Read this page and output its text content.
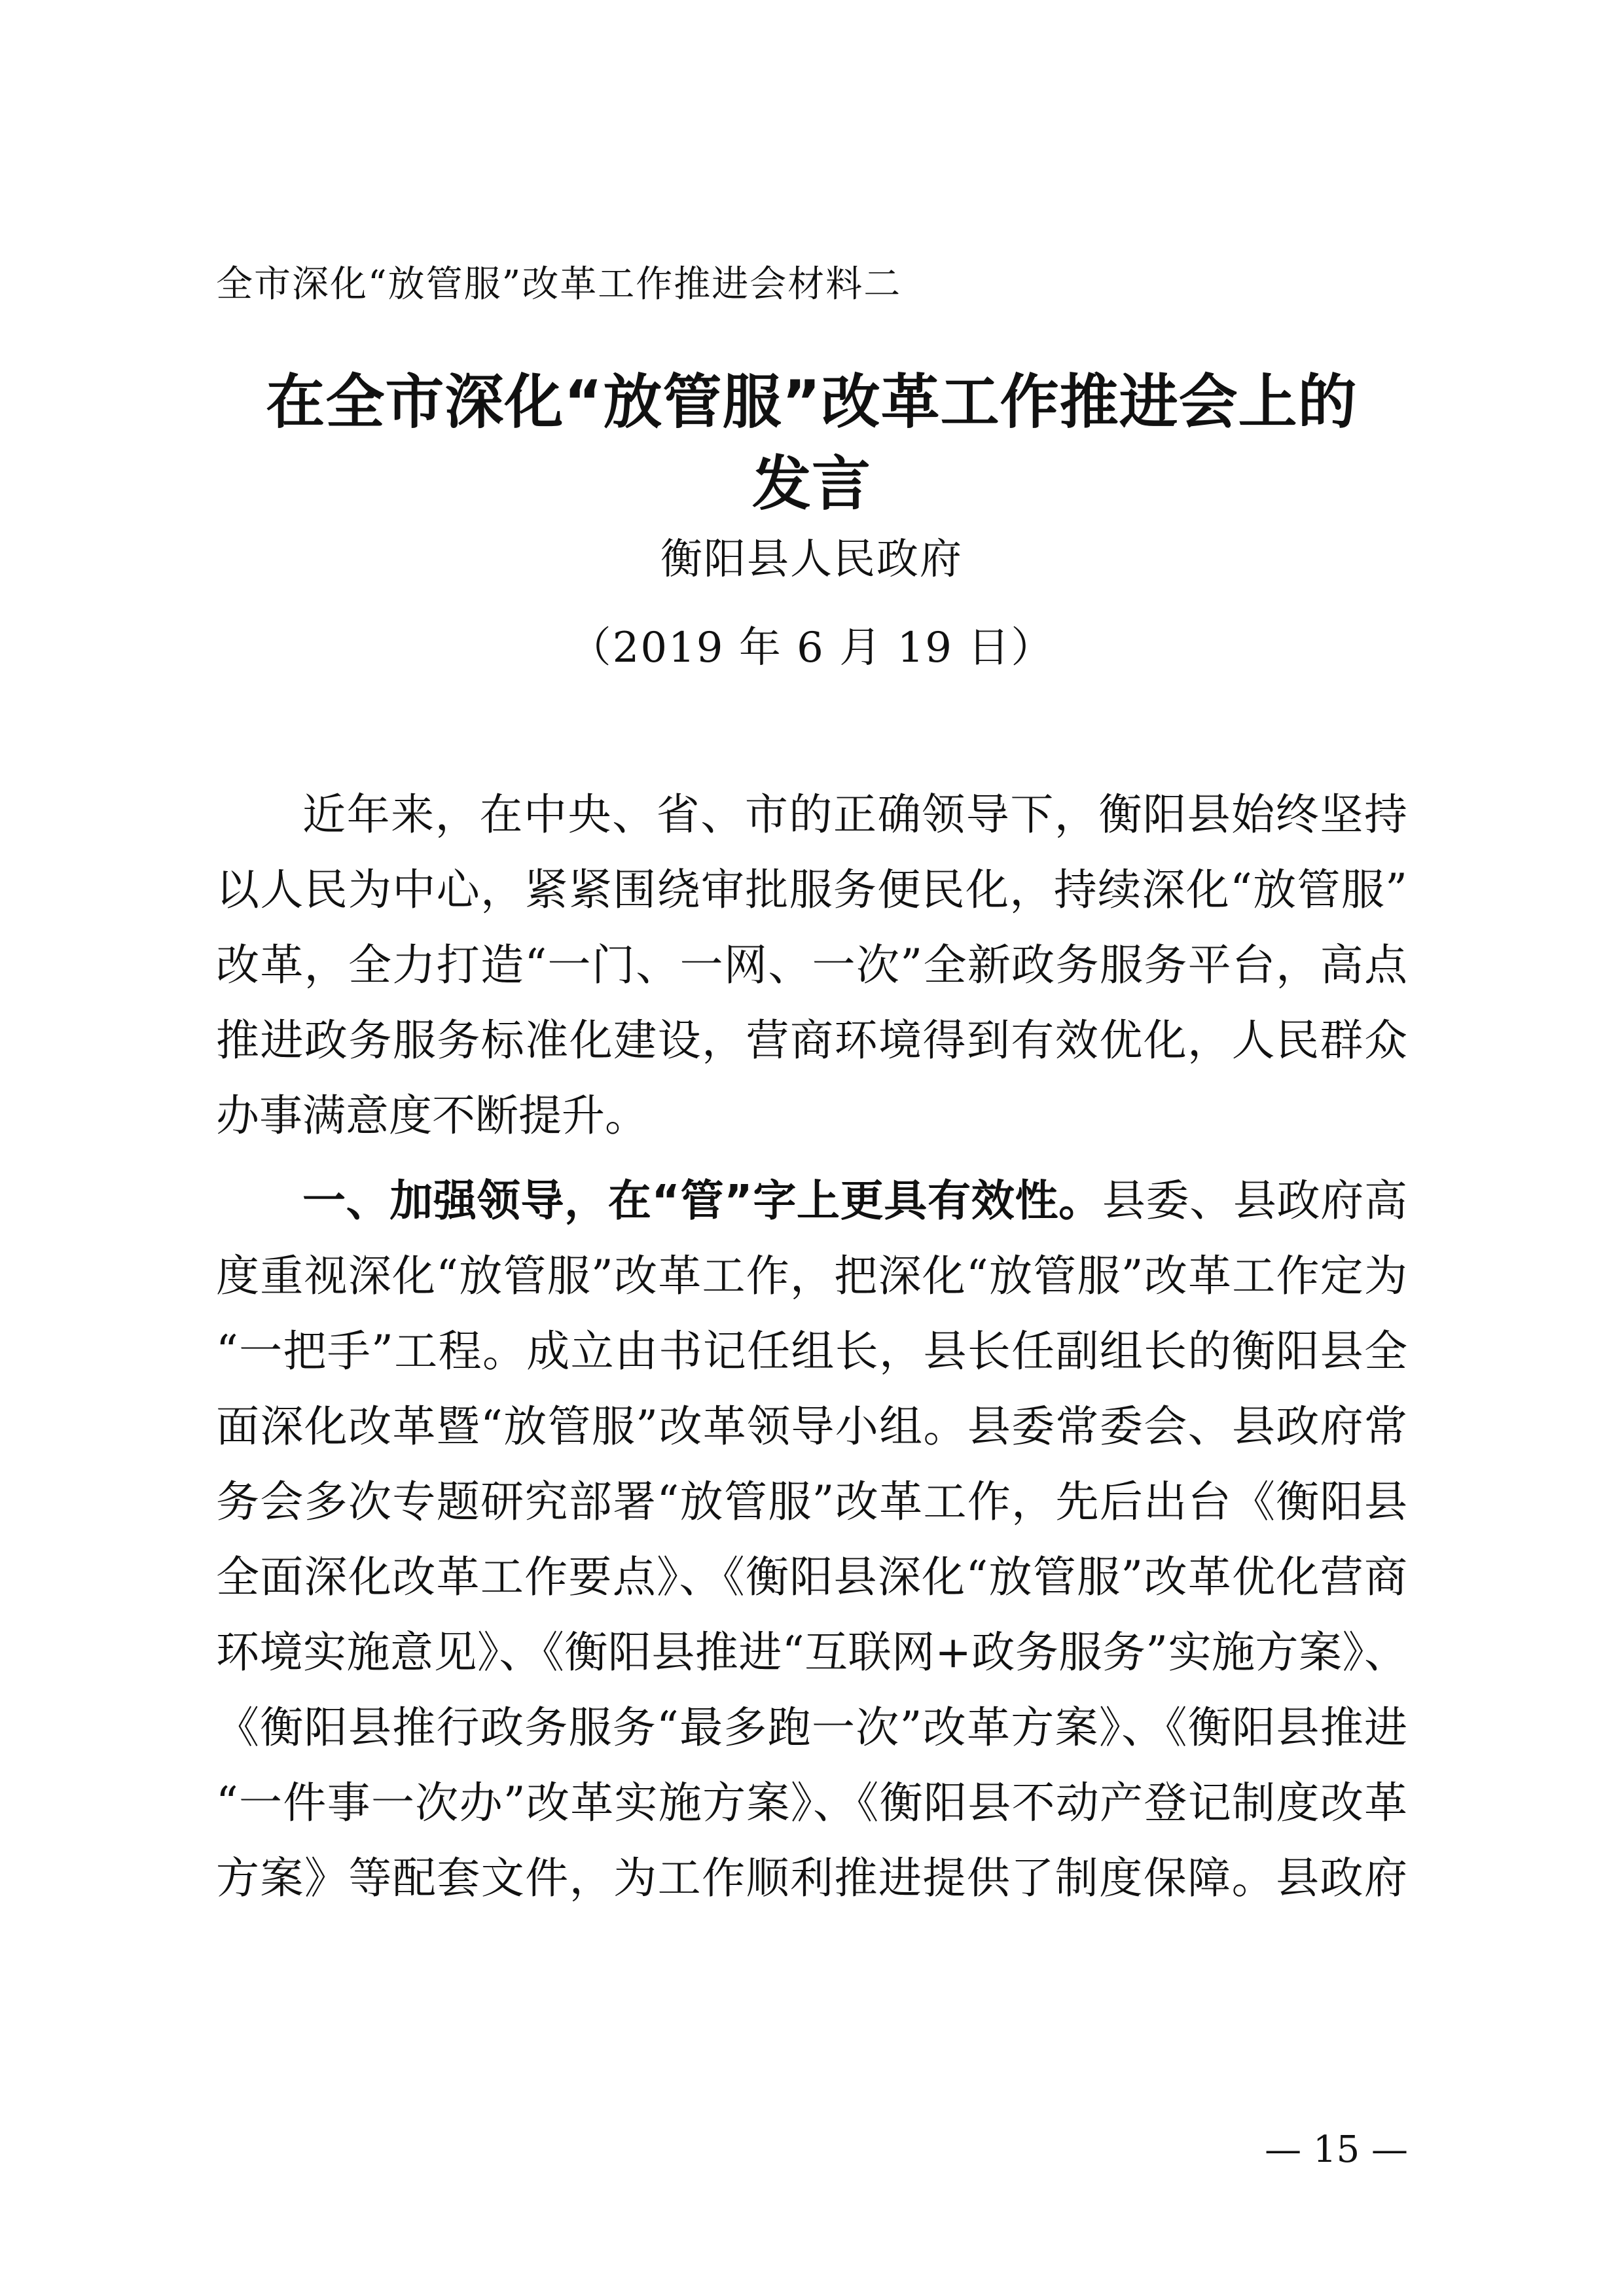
全市深化“放管服”改革工作推进会材料二
在全市深化“放管服”改革工作推进会上的
发言
衡阳县人民政府
（2019 年 6 月 19 日）
近年来，在中央、省、市的正确领导下，衡阳县始终坚持
以人民为中心，紧紧围绕审批服务便民化，持续深化“放管服”
改革，全力打造“一门、一网、一次”全新政务服务平台，高点
推进政务服务标准化建设，营商环境得到有效优化，人民群众
办事满意度不断提升。
一、加强领导，在“管”字上更具有效性。县委、县政府高
度重视深化“放管服”改革工作，把深化“放管服”改革工作定为
“一把手”工程。成立由书记任组长，县长任副组长的衡阳县全
面深化改革暨“放管服”改革领导小组。县委常委会、县政府常
务会多次专题研究部署“放管服”改革工作，先后出台《衡阳县
全面深化改革工作要点》、《衡阳县深化“放管服”改革优化营商
环境实施意见》、《衡阳县推进“互联网+政务服务”实施方案》、
《衡阳县推行政务服务“最多跑一次”改革方案》、《衡阳县推进
“一件事一次办”改革实施方案》、《衡阳县不动产登记制度改革
方案》等配套文件，为工作顺利推进提供了制度保障。县政府
— 15 —
